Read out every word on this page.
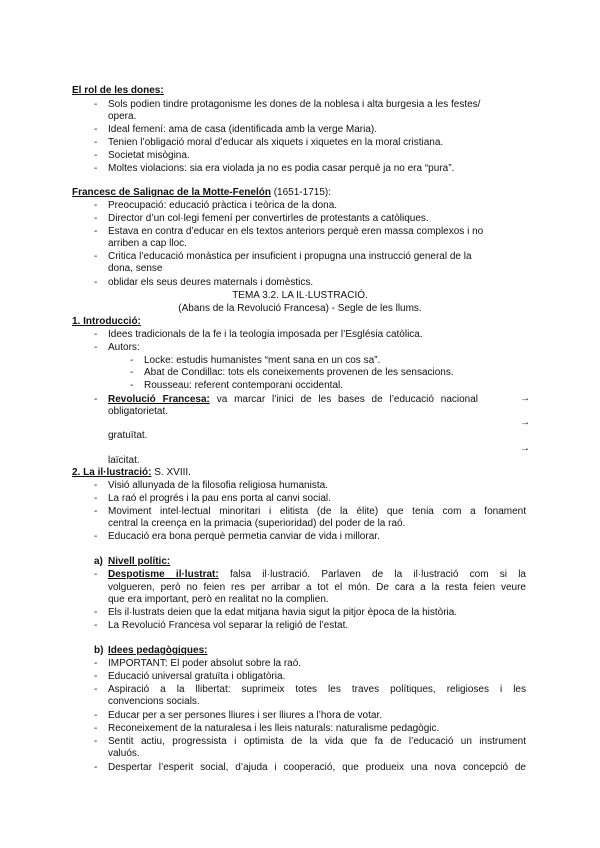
El rol de les dones:
- Sols podien tindre protagonisme les dones de la noblesa i alta burgesia a les festes/
opera.
- Ideal femení: ama de casa (identificada amb la verge Maria).
- Tenien l’obligació moral d’educar als xiquets i xiquetes en la moral cristiana.
- Societat misògina.
- Moltes violacions: sia era violada ja no es podia casar perquè ja no era “pura”.
Francesc de Salignac de la Motte-Fenelón (1651-1715):
- Preocupació: educació pràctica i teòrica de la dona.
- Director d’un col·legi femení per convertirles de protestants a catòliques.
- Estava en contra d’educar en els textos anteriors perquè eren massa complexos i no
arriben a cap lloc.
- Critica l’educació monàstica per insuficient i propugna una instrucció general de la
dona, sense
- oblidar els seus deures maternals i domèstics.
TEMA 3.2. LA IL·LUSTRACIÓ.
(Abans de la Revolució Francesa) - Segle de les llums.
1. Introducció:
- Idees tradicionals de la fe i la teologia imposada per l’Església catòlica.
- Autors:
- Locke: estudis humanistes “ment sana en un cos sa”.
- Abat de Condillac: tots els coneixements provenen de les sensacions.
- Rousseau: referent contemporani occidental.
- Revolució Francesa: va marcar l’inici de les bases de l’educació nacional	→
obligatorietat.
→
gratuïtat.
→
laïcitat.
2. La il·lustració: S. XVIII.
- Visió allunyada de la filosofia religiosa humanista.
- La raó el progrés i la pau ens porta al canvi social.
- Moviment intel·lectual minoritari i elitista (de la élite) que tenia com a fonament
central la creença en la primacia (superioridad) del poder de la raó.
- Educació era bona perquè permetia canviar de vida i millorar.
a) Nivell polític:
- Despotisme il·lustrat: falsa il·lustració. Parlaven de la il·lustració com si la
volgueren, però no feien res per arribar a tot el món. De cara a la resta feien veure
que era important, però en realitat no la complien.
- Els il·lustrats deien que la edat mitjana havia sigut la pitjor època de la història.
- La Revolució Francesa vol separar la religió de l’estat.
b) Idees pedagògiques:
- IMPORTANT: El poder absolut sobre la raó.
- Educació universal gratuïta i obligatòria.
- Aspiració a la llibertat: suprimeix totes les traves polítiques, religioses i les
convencions socials.
- Educar per a ser persones lliures i ser lliures a l’hora de votar.
- Reconeixement de la naturalesa i les lleis naturals: naturalisme pedagògic.
- Sentit actiu, progressista i optimista de la vida que fa de l’educació un instrument
valuós.
- Despertar l’esperit social, d’ajuda i cooperació, que produeix una nova concepció de
